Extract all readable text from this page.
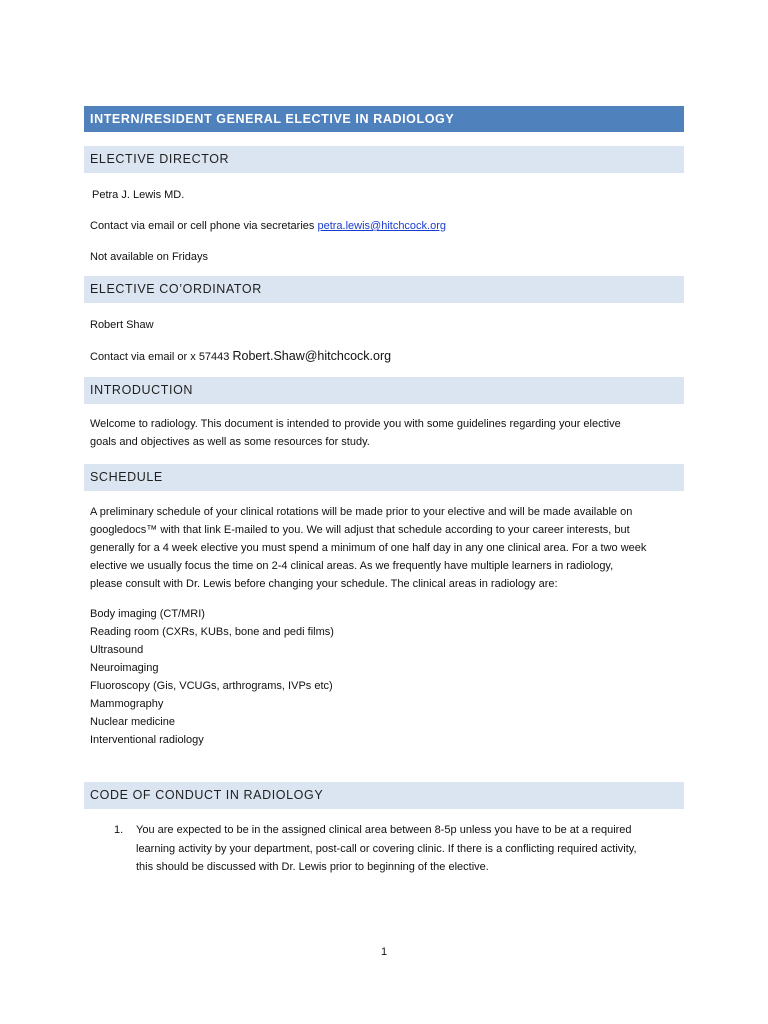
INTERN/RESIDENT GENERAL ELECTIVE IN RADIOLOGY
ELECTIVE DIRECTOR

Petra J. Lewis MD.

Contact via email or cell phone via secretaries petra.lewis@hitchcock.org

Not available on Fridays

ELECTIVE CO’ORDINATOR

Robert Shaw

Contact via email or x 57443 Robert.Shaw@hitchcock.org

INTRODUCTION

Welcome to radiology. This document is intended to provide you with some guidelines regarding your elective

goals and objectives as well as some resources for study.

SCHEDULE

A preliminary schedule of your clinical rotations will be made prior to your elective and will be made available on

googledocs™ with that link E-mailed to you. We will adjust that schedule according to your career interests, but

generally for a 4 week elective you must spend a minimum of one half day in any one clinical area. For a two week

elective we usually focus the time on 2-4 clinical areas. As we frequently have multiple learners in radiology,

please consult with Dr. Lewis before changing your schedule. The clinical areas in radiology are:

Body imaging (CT/MRI)
Reading room (CXRs, KUBs, bone and pedi films)
Ultrasound
Neuroimaging
Fluoroscopy (Gis, VCUGs, arthrograms, IVPs etc)
Mammography
Nuclear medicine
Interventional radiology
CODE OF CONDUCT IN RADIOLOGY
1. You are expected to be in the assigned clinical area between 8-5p unless you have to be at a required
learning activity by your department, post-call or covering clinic. If there is a conflicting required activity,
this should be discussed with Dr. Lewis prior to beginning of the elective.
1
